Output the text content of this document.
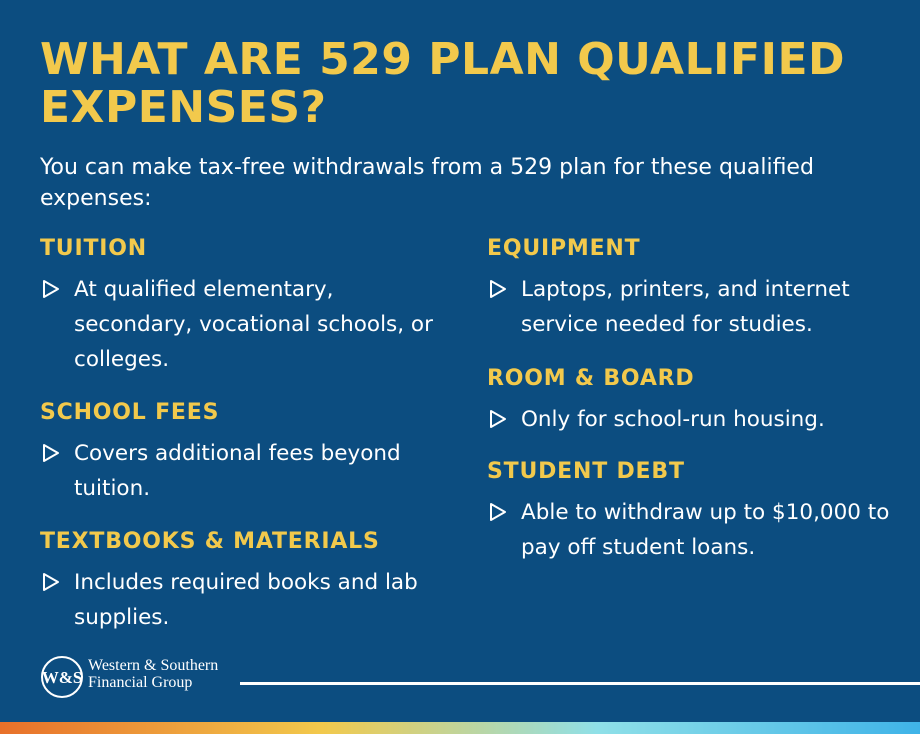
WHAT ARE 529 PLAN QUALIFIED EXPENSES?

You can make tax-free withdrawals from a 529 plan for these qualified expenses:

TUITION
At qualified elementary, secondary, vocational schools, or colleges.
SCHOOL FEES
Covers additional fees beyond tuition.
TEXTBOOKS & MATERIALS
Includes required books and lab supplies.
EQUIPMENT
Laptops, printers, and internet service needed for studies.
ROOM & BOARD
Only for school-run housing.
STUDENT DEBT
Able to withdraw up to $10,000 to pay off student loans.
W&S
Western & Southern
Financial Group
